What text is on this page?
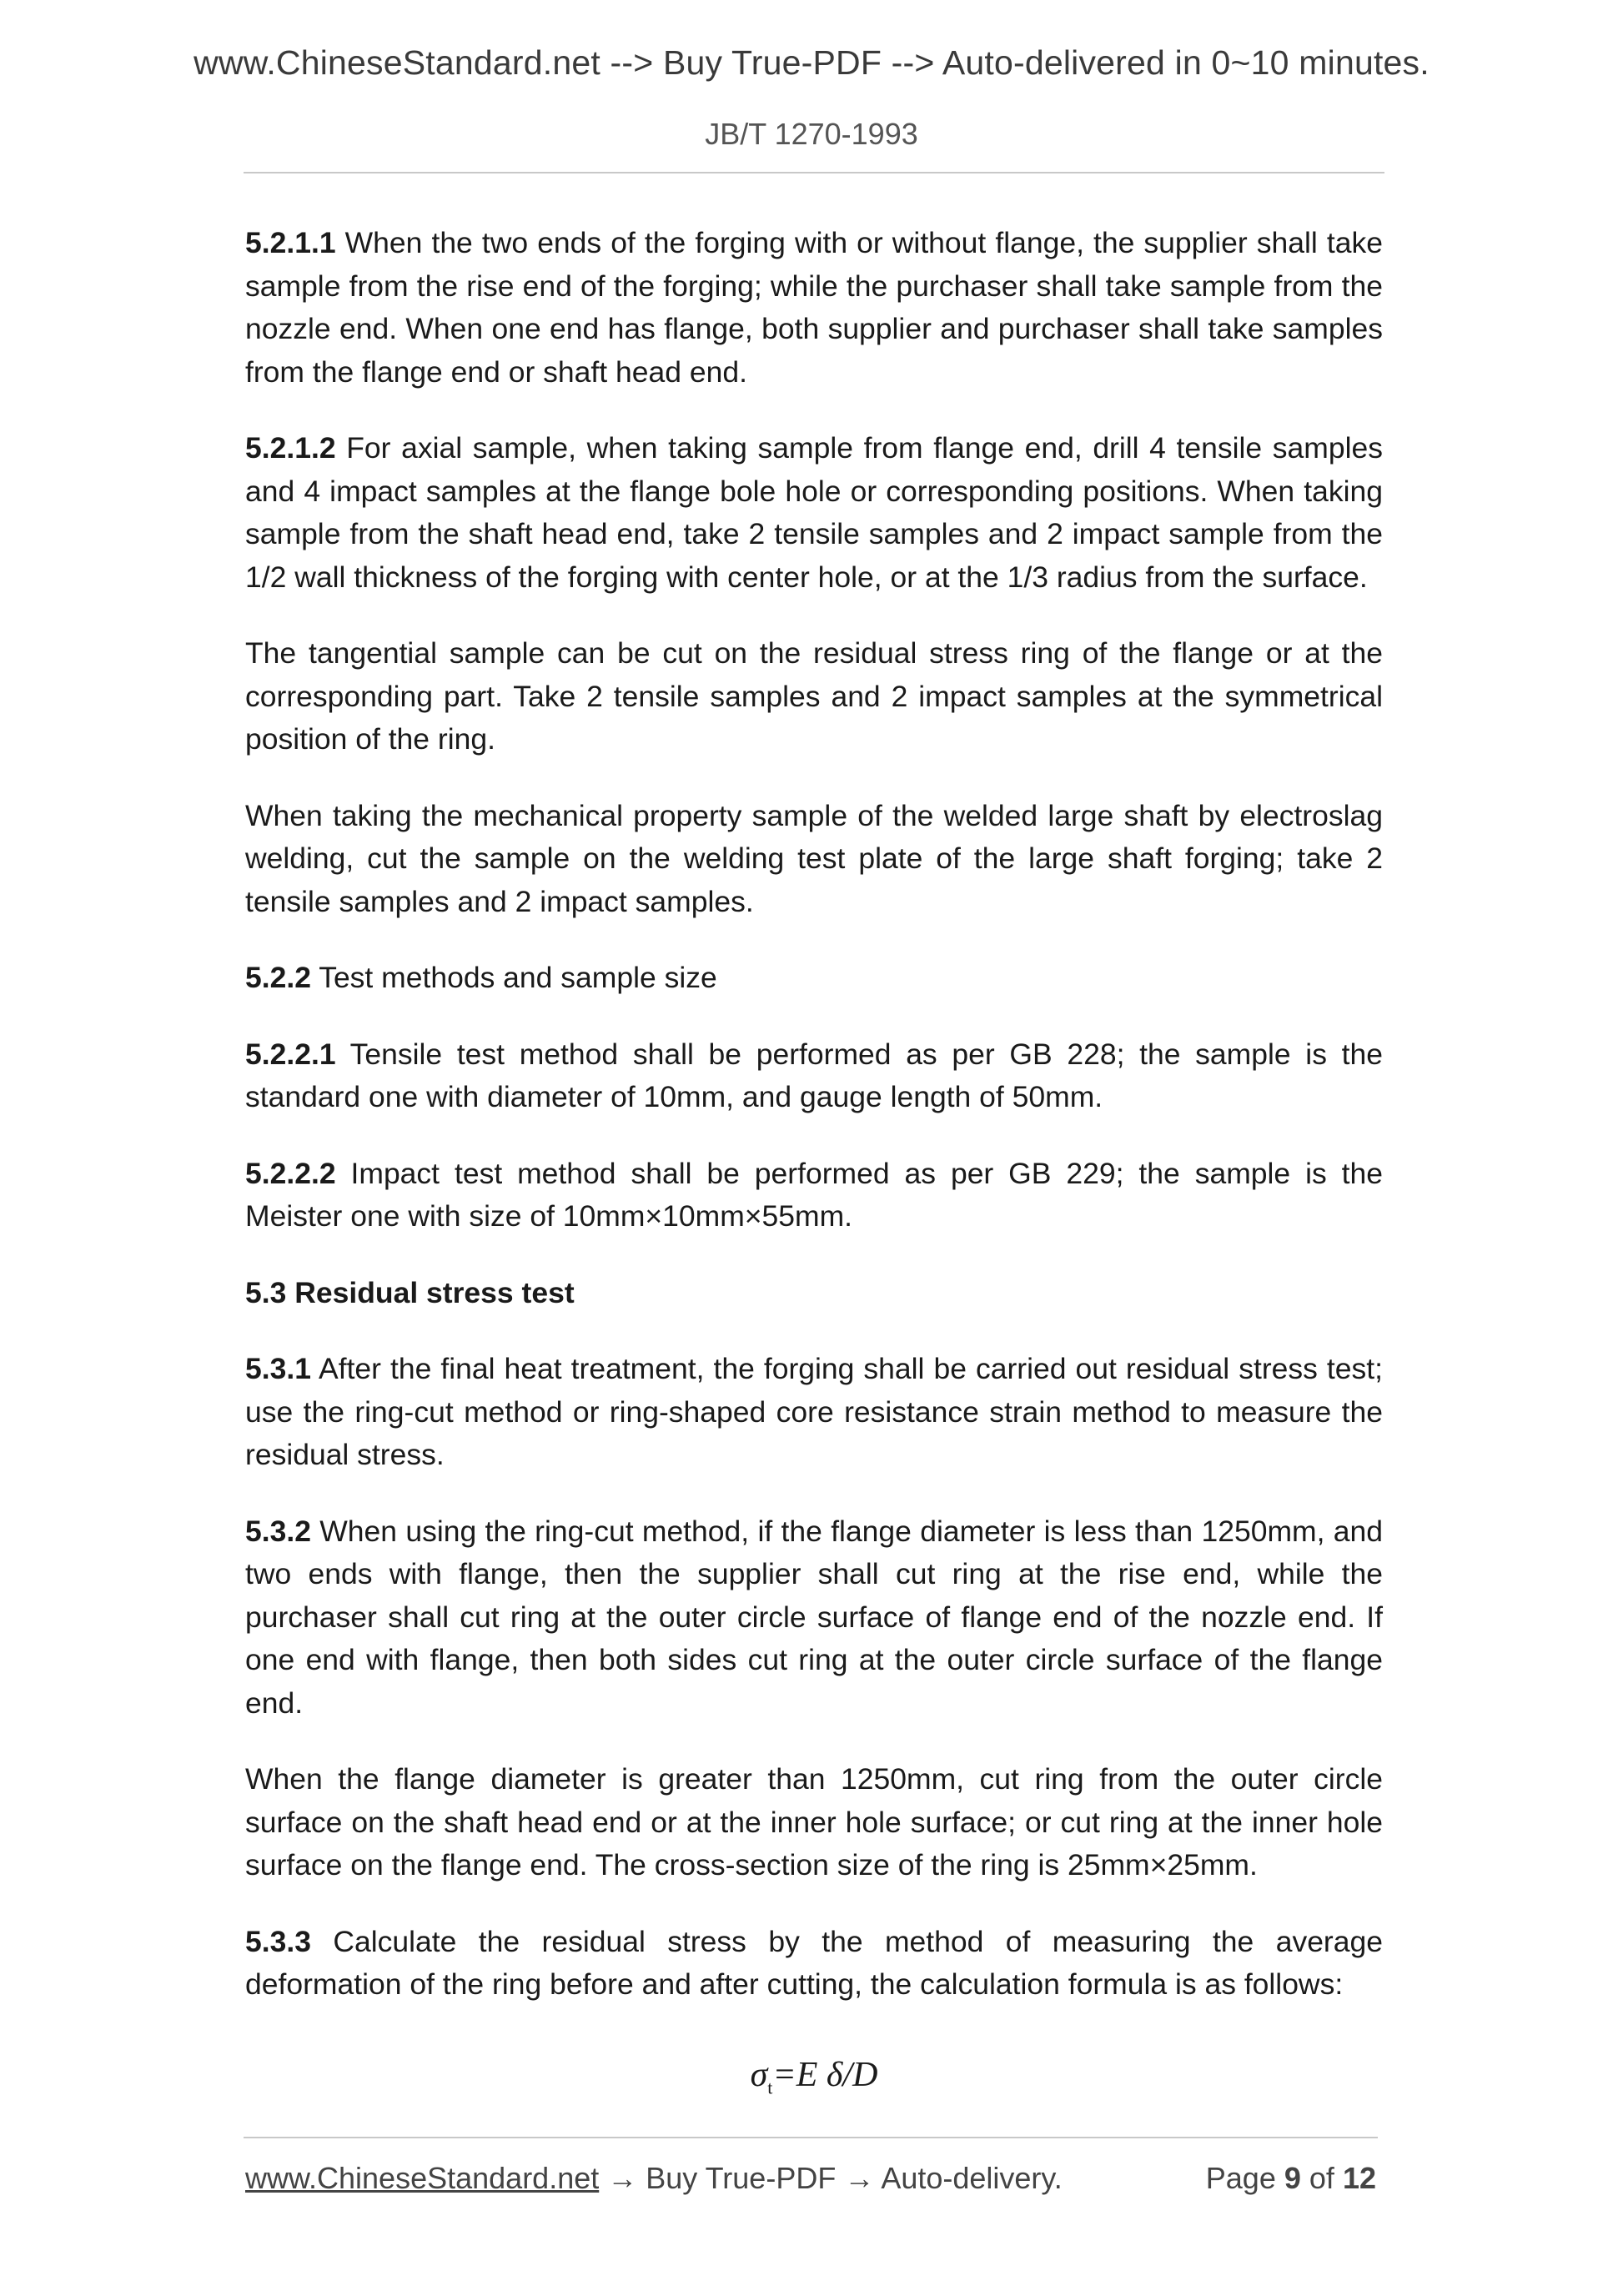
www.ChineseStandard.net --> Buy True-PDF --> Auto-delivered in 0~10 minutes.
JB/T 1270-1993

5.2.1.1 When the two ends of the forging with or without flange, the supplier shall take sample from the rise end of the forging; while the purchaser shall take sample from the nozzle end. When one end has flange, both supplier and purchaser shall take samples from the flange end or shaft head end.

5.2.1.2 For axial sample, when taking sample from flange end, drill 4 tensile samples and 4 impact samples at the flange bole hole or corresponding positions. When taking sample from the shaft head end, take 2 tensile samples and 2 impact sample from the 1/2 wall thickness of the forging with center hole, or at the 1/3 radius from the surface.

The tangential sample can be cut on the residual stress ring of the flange or at the corresponding part. Take 2 tensile samples and 2 impact samples at the symmetrical position of the ring.

When taking the mechanical property sample of the welded large shaft by electroslag welding, cut the sample on the welding test plate of the large shaft forging; take 2 tensile samples and 2 impact samples.

5.2.2 Test methods and sample size

5.2.2.1 Tensile test method shall be performed as per GB 228; the sample is the standard one with diameter of 10mm, and gauge length of 50mm.

5.2.2.2 Impact test method shall be performed as per GB 229; the sample is the Meister one with size of 10mm×10mm×55mm.

5.3 Residual stress test

5.3.1 After the final heat treatment, the forging shall be carried out residual stress test; use the ring-cut method or ring-shaped core resistance strain method to measure the residual stress.

5.3.2 When using the ring-cut method, if the flange diameter is less than 1250mm, and two ends with flange, then the supplier shall cut ring at the rise end, while the purchaser shall cut ring at the outer circle surface of flange end of the nozzle end. If one end with flange, then both sides cut ring at the outer circle surface of the flange end.

When the flange diameter is greater than 1250mm, cut ring from the outer circle surface on the shaft head end or at the inner hole surface; or cut ring at the inner hole surface on the flange end. The cross-section size of the ring is 25mm×25mm.

5.3.3 Calculate the residual stress by the method of measuring the average deformation of the ring before and after cutting, the calculation formula is as follows:

$\sigma_t=E$ δ/D
www.ChineseStandard.net → Buy True-PDF → Auto-delivery.	Page 9 of 12
